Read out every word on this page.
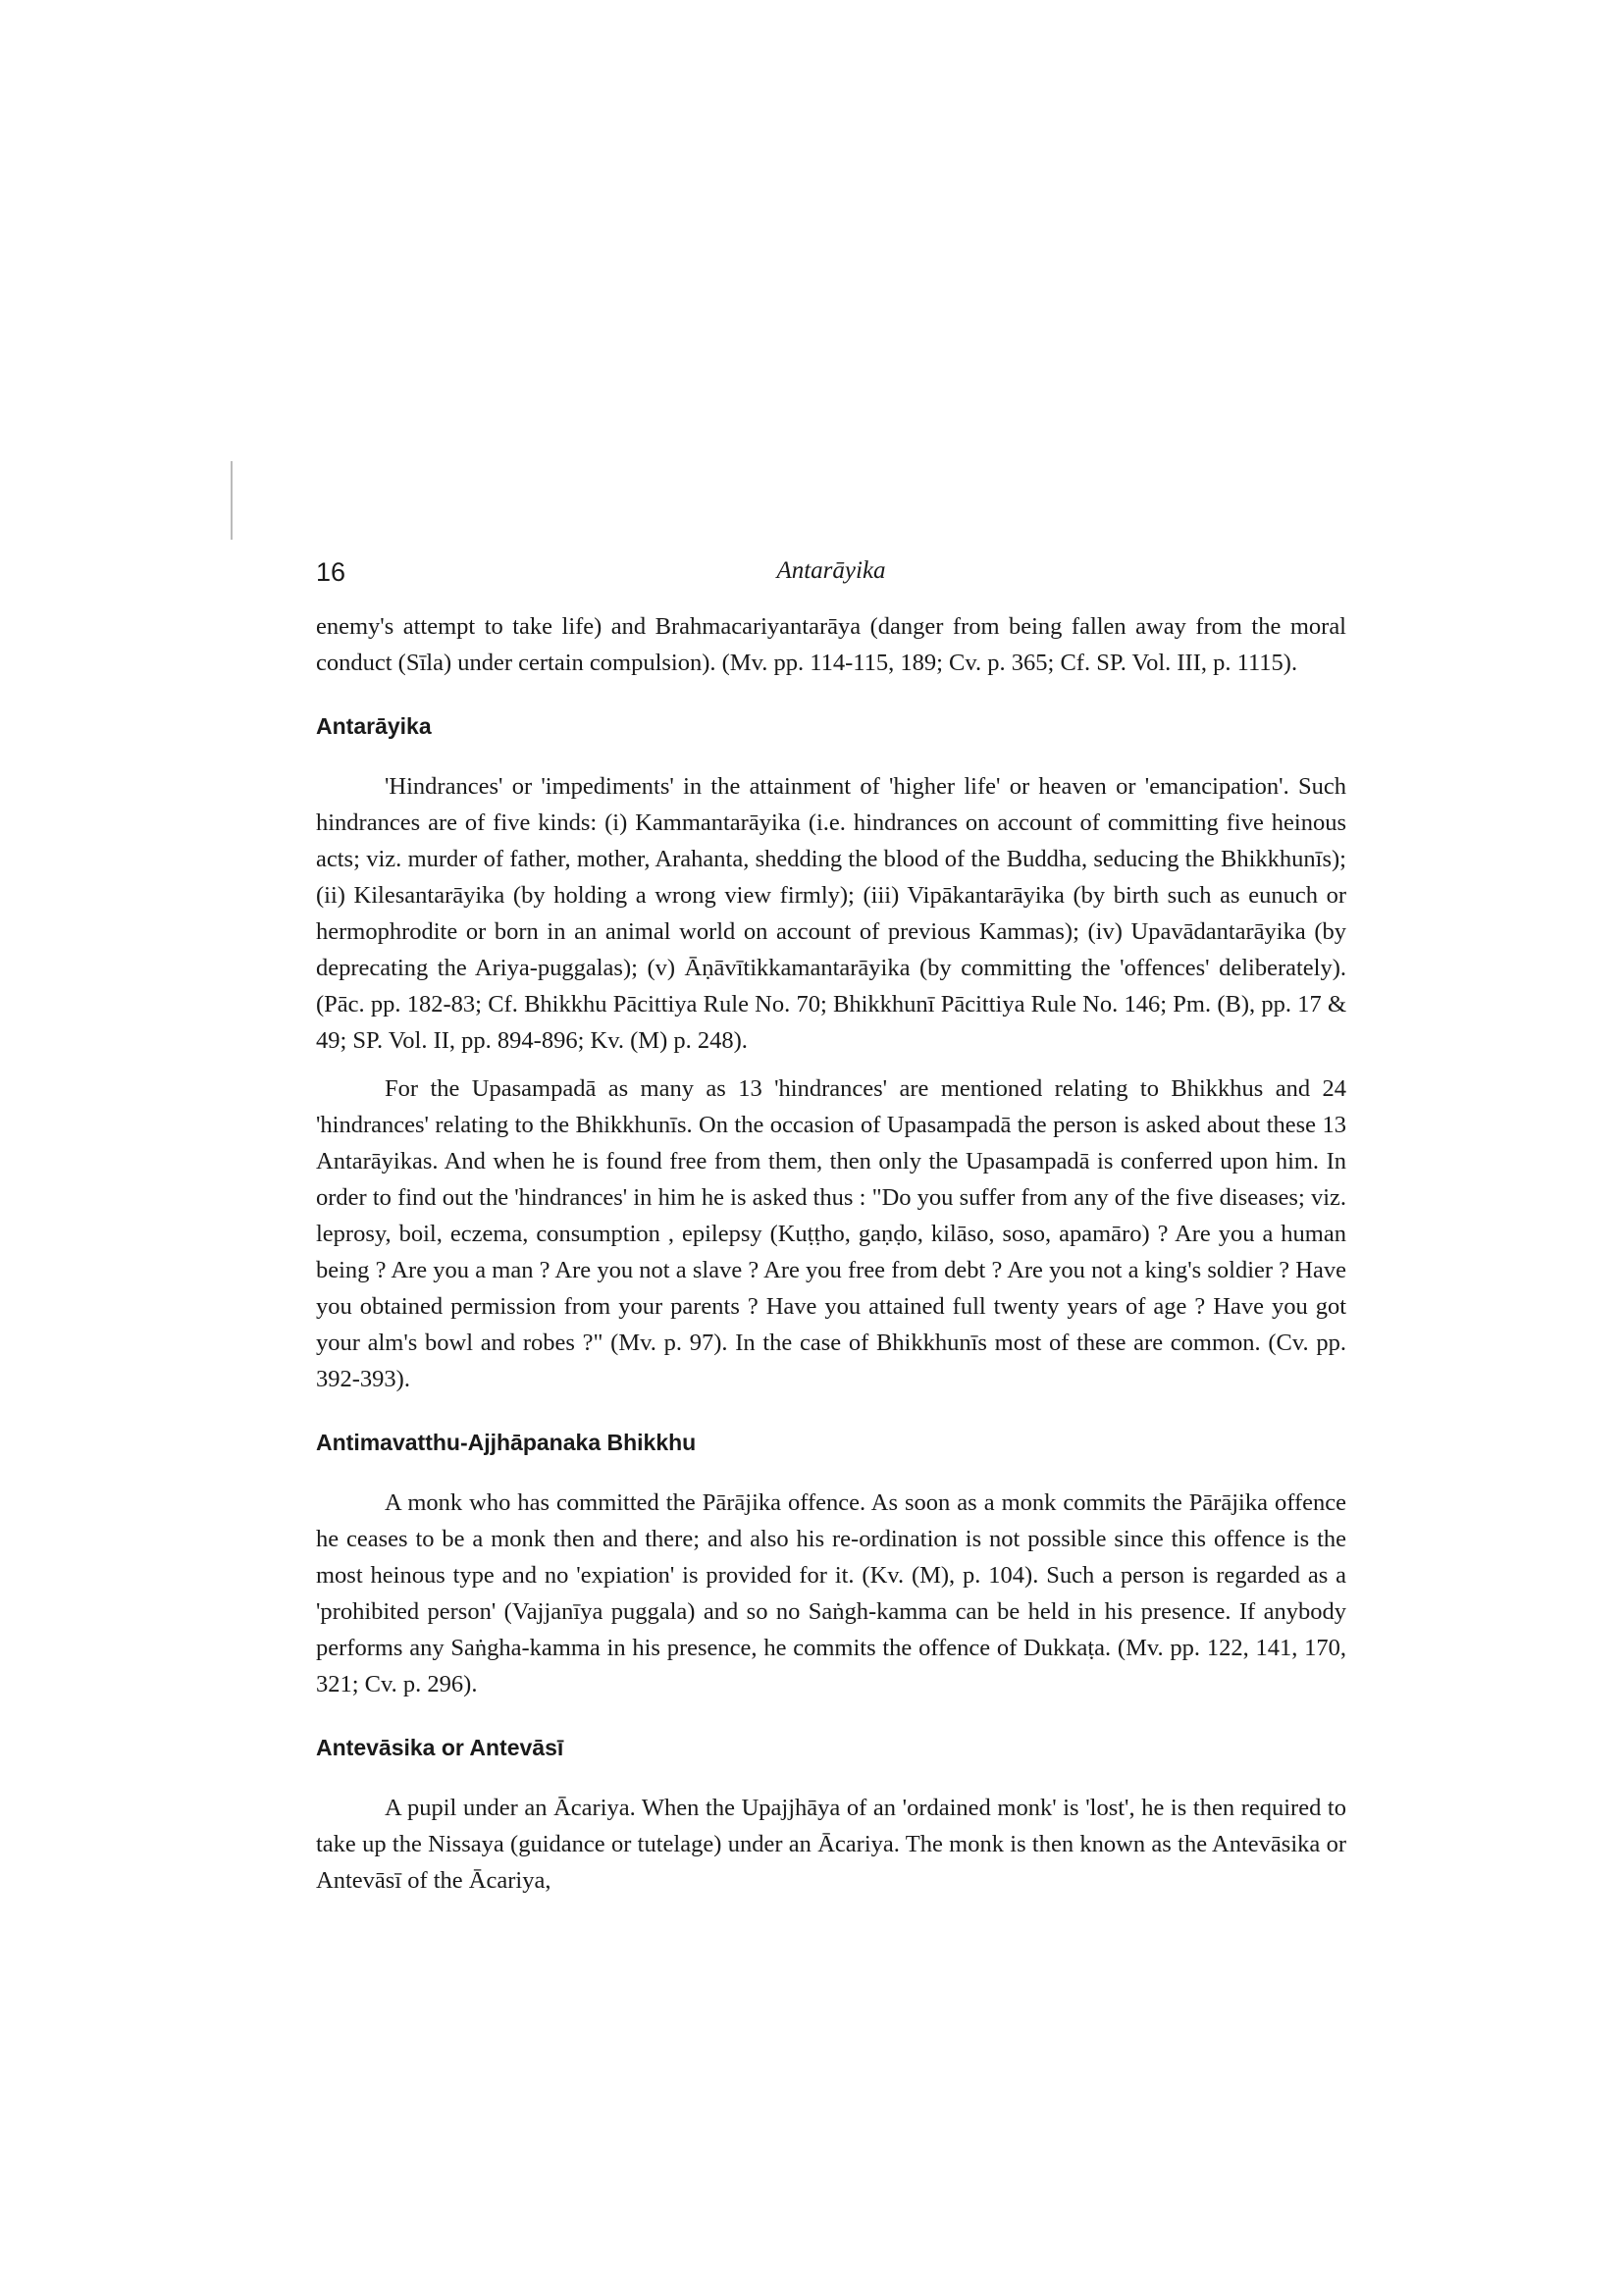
16	Antarāyika

enemy's attempt to take life) and Brahmacariyantarāya (danger from being fallen away from the moral conduct (Sīla) under certain compulsion). (Mv. pp. 114-115, 189; Cv. p. 365; Cf. SP. Vol. III, p. 1115).

Antarāyika

'Hindrances' or 'impediments' in the attainment of 'higher life' or heaven or 'emancipation'. Such hindrances are of five kinds: (i) Kammantarāyika (i.e. hindrances on account of committing five heinous acts; viz. murder of father, mother, Arahanta, shedding the blood of the Buddha, seducing the Bhikkhunīs); (ii) Kilesantarāyika (by holding a wrong view firmly); (iii) Vipākantarāyika (by birth such as eunuch or hermophrodite or born in an animal world on account of previous Kammas); (iv) Upavādantarāyika (by deprecating the Ariya-puggalas); (v) Āṇāvītikkamantarāyika (by committing the 'offences' deliberately). (Pāc. pp. 182-83; Cf. Bhikkhu Pācittiya Rule No. 70; Bhikkhunī Pācittiya Rule No. 146; Pm. (B), pp. 17 & 49; SP. Vol. II, pp. 894-896; Kv. (M) p. 248).

For the Upasampadā as many as 13 'hindrances' are mentioned relating to Bhikkhus and 24 'hindrances' relating to the Bhikkhunīs. On the occasion of Upasampadā the person is asked about these 13 Antarāyikas. And when he is found free from them, then only the Upasampadā is conferred upon him. In order to find out the 'hindrances' in him he is asked thus : "Do you suffer from any of the five diseases; viz. leprosy, boil, eczema, consumption , epilepsy (Kuṭṭho, gaṇḍo, kilāso, soso, apamāro) ? Are you a human being ? Are you a man ? Are you not a slave ? Are you free from debt ? Are you not a king's soldier ? Have you obtained permission from your parents ? Have you attained full twenty years of age ? Have you got your alm's bowl and robes ?" (Mv. p. 97). In the case of Bhikkhunīs most of these are common. (Cv. pp. 392-393).

Antimavatthu-Ajjhāpanaka Bhikkhu

A monk who has committed the Pārājika offence. As soon as a monk commits the Pārājika offence he ceases to be a monk then and there; and also his re-ordination is not possible since this offence is the most heinous type and no 'expiation' is provided for it. (Kv. (M), p. 104). Such a person is regarded as a 'prohibited person' (Vajjanīya puggala) and so no Saṅgh-kamma can be held in his presence. If anybody performs any Saṅgha-kamma in his presence, he commits the offence of Dukkaṭa. (Mv. pp. 122, 141, 170, 321; Cv. p. 296).

Antevāsika or Antevāsī

A pupil under an Ācariya. When the Upajjhāya of an 'ordained monk' is 'lost', he is then required to take up the Nissaya (guidance or tutelage) under an Ācariya. The monk is then known as the Antevāsika or Antevāsī of the Ācariya,
